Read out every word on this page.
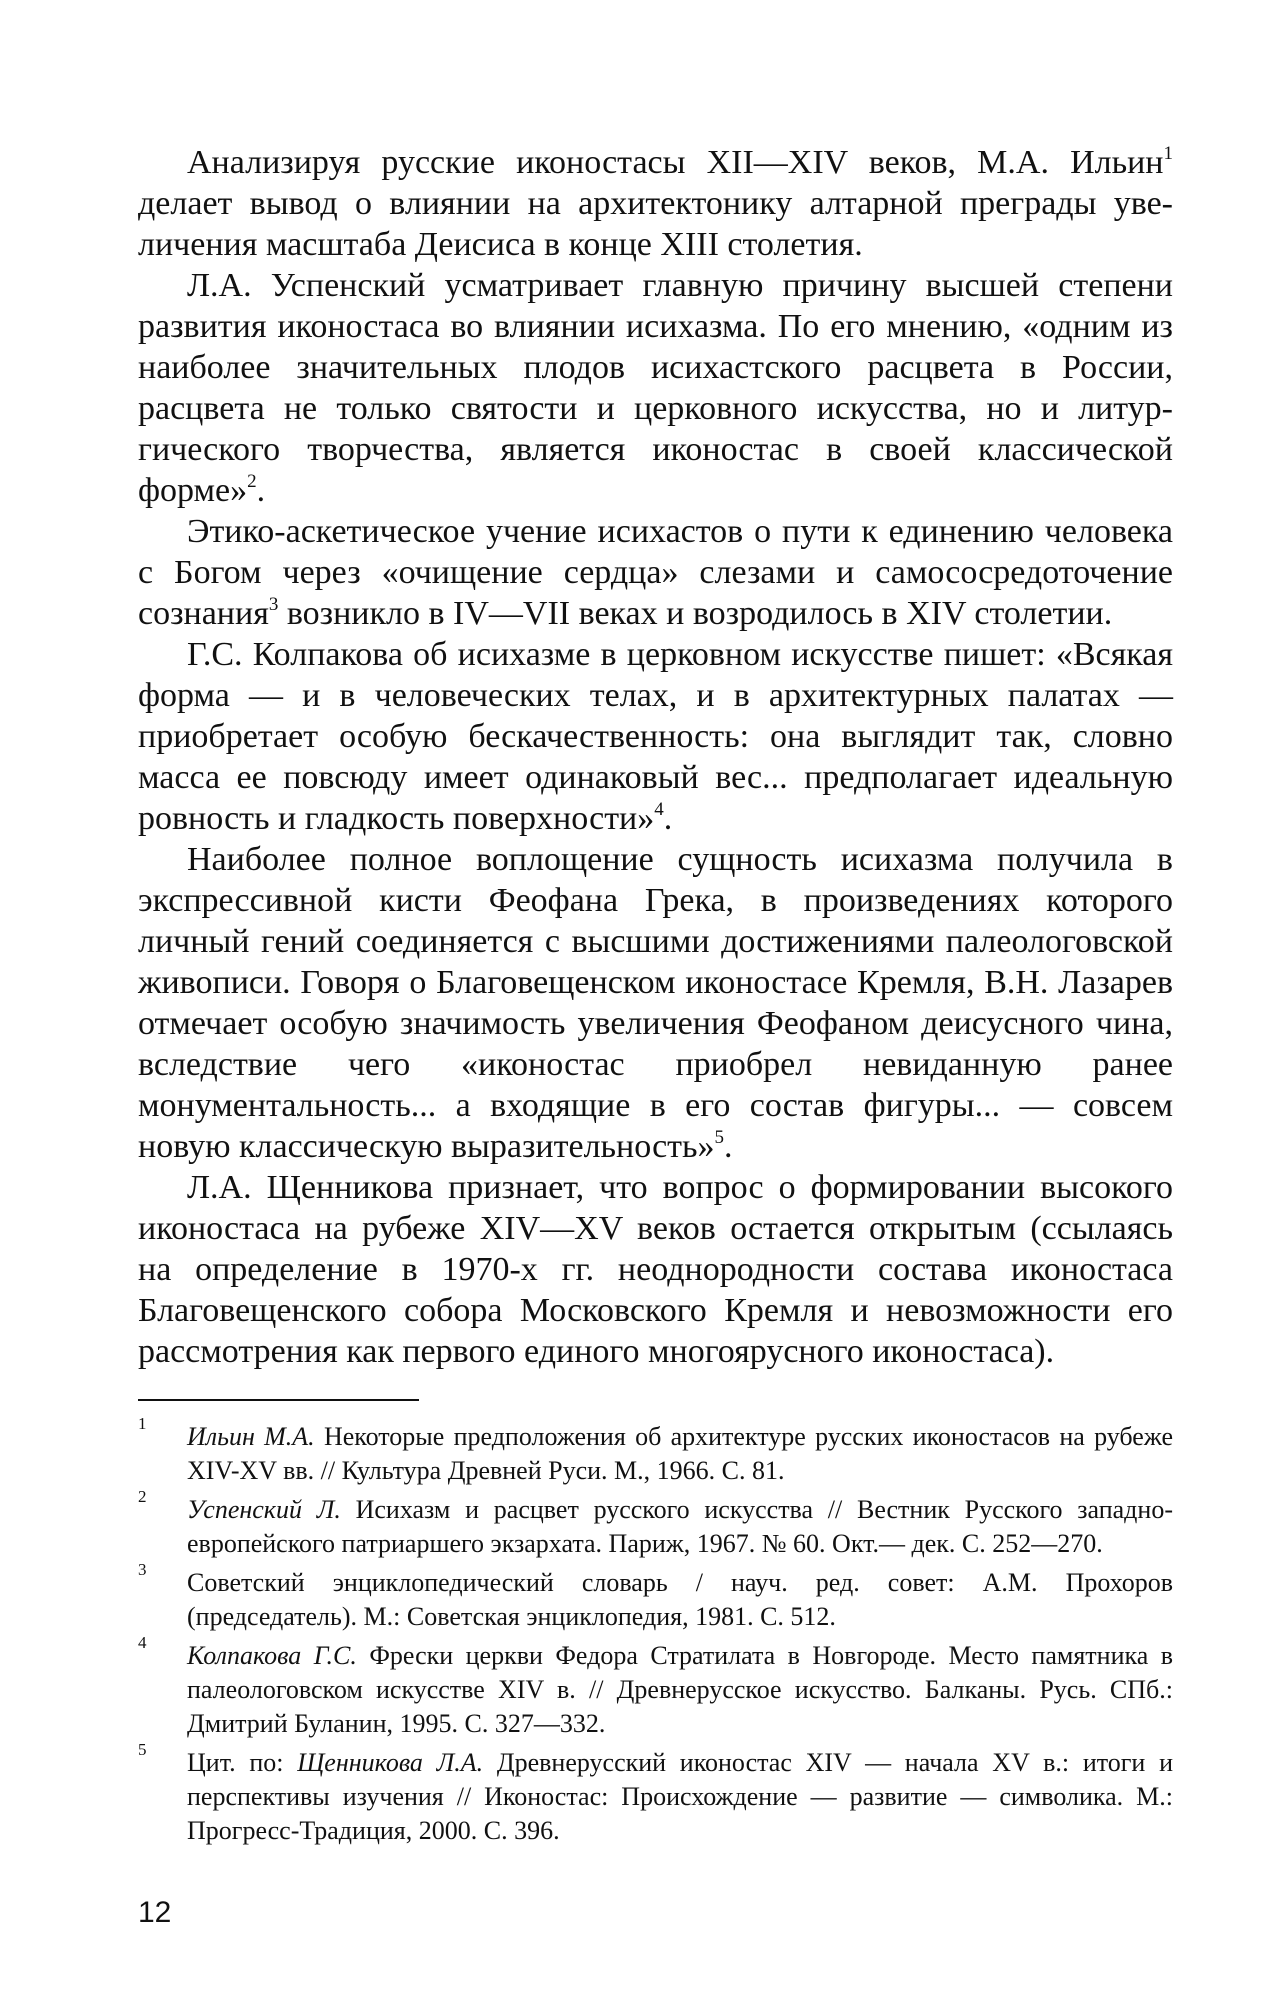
Анализируя русские иконостасы XII—XIV веков, М.А. Ильин$^1$ делает вывод о влиянии на архитектонику алтарной преграды увеличения масштаба Деисиса в конце XIII столетия.

Л.А. Успенский усматривает главную причину высшей степени развития иконостаса во влиянии исихазма. По его мнению, «одним из наиболее значительных плодов исихастского расцвета в России, расцвета не только святости и церковного искусства, но и литургического творчества, является иконостас в своей классической форме»$^2$.

Этико-аскетическое учение исихастов о пути к единению человека с Богом через «очищение сердца» слезами и самососредоточение сознания$^3$ возникло в IV—VII веках и возродилось в XIV столетии.

Г.С. Колпакова об исихазме в церковном искусстве пишет: «Всякая форма — и в человеческих телах, и в архитектурных палатах — приобретает особую бескачественность: она выглядит так, словно масса ее повсюду имеет одинаковый вес... предполагает идеальную ровность и гладкость поверхности»$^4$.

Наиболее полное воплощение сущность исихазма получила в экспрессивной кисти Феофана Грека, в произведениях которого личный гений соединяется с высшими достижениями палеологовской живописи. Говоря о Благовещенском иконостасе Кремля, В.Н. Лазарев отмечает особую значимость увеличения Феофаном деисусного чина, вследствие чего «иконостас приобрел невиданную ранее монументальность... а входящие в его состав фигуры... — совсем новую классическую выразительность»$^5$.

Л.А. Щенникова признает, что вопрос о формировании высокого иконостаса на рубеже XIV—XV веков остается открытым (ссылаясь на определение в 1970-х гг. неоднородности состава иконостаса Благовещенского собора Московского Кремля и невозможности его рассмотрения как первого единого многоярусного иконостаса).

1 Ильин М.А. Некоторые предположения об архитектуре русских иконостасов на рубеже XIV-XV вв. // Культура Древней Руси. М., 1966. С. 81.
2 Успенский Л. Исихазм и расцвет русского искусства // Вестник Русского западно-европейского патриаршего экзархата. Париж, 1967. № 60. Окт.— дек. С. 252—270.
3 Советский энциклопедический словарь / науч. ред. совет: А.М. Прохоров (председатель). М.: Советская энциклопедия, 1981. С. 512.
4 Колпакова Г.С. Фрески церкви Федора Стратилата в Новгороде. Место памятника в палеологовском искусстве XIV в. // Древнерусское искусство. Балканы. Русь. СПб.: Дмитрий Буланин, 1995. С. 327—332.
5 Цит. по: Щенникова Л.А. Древнерусский иконостас XIV — начала XV в.: итоги и перспективы изучения // Иконостас: Происхождение — развитие — символика. М.: Прогресс-Традиция, 2000. С. 396.
12
